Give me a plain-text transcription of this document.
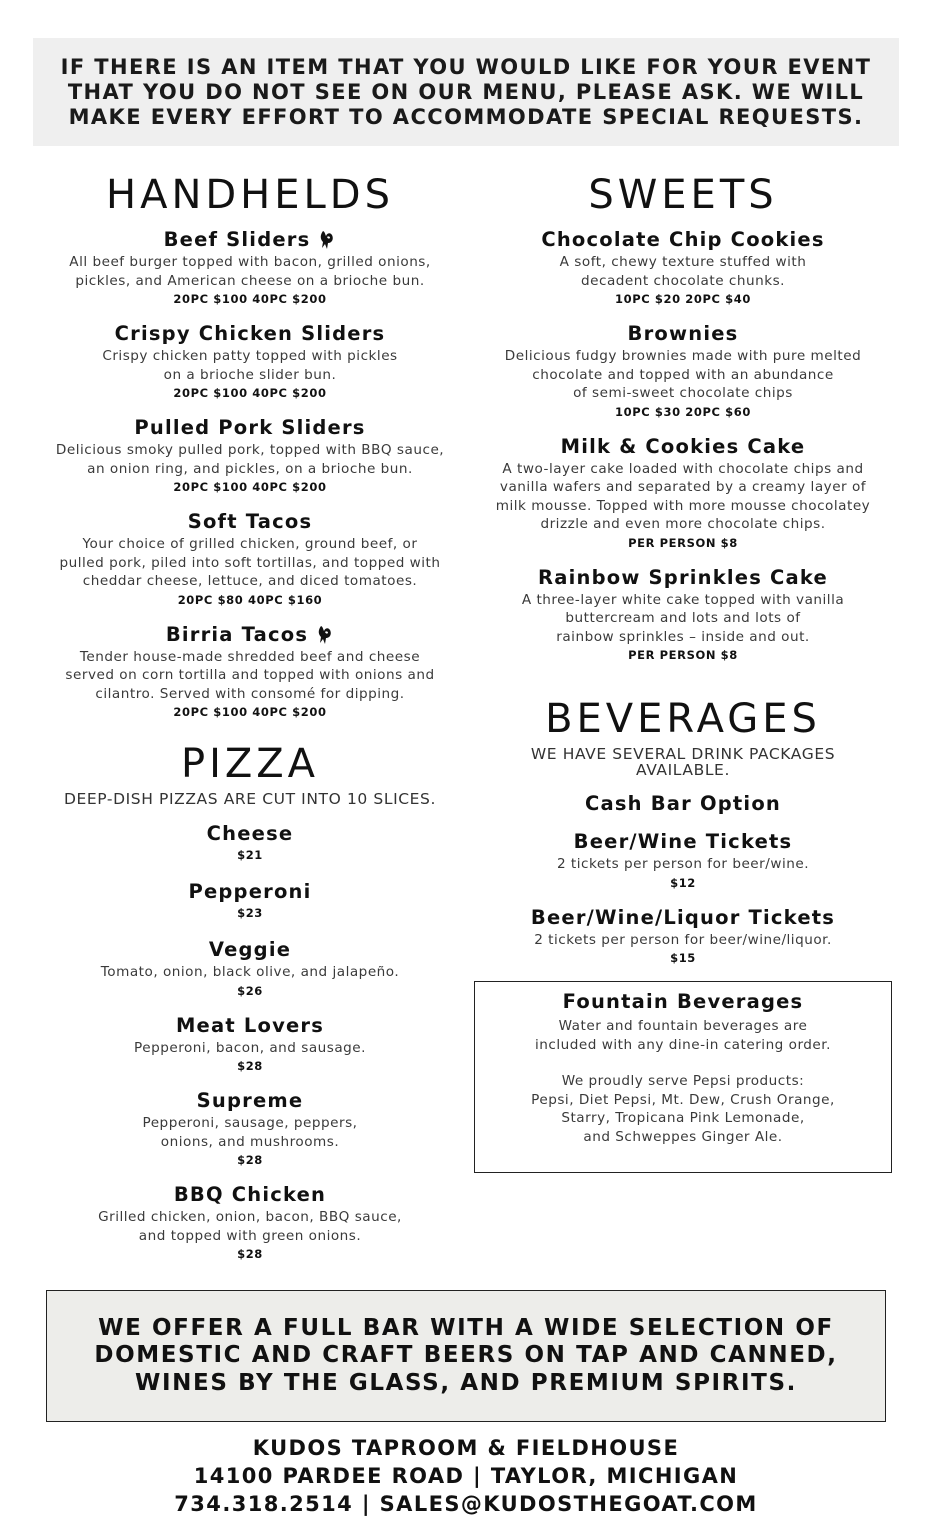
IF THERE IS AN ITEM THAT YOU WOULD LIKE FOR YOUR EVENT
THAT YOU DO NOT SEE ON OUR MENU, PLEASE ASK. WE WILL
MAKE EVERY EFFORT TO ACCOMMODATE SPECIAL REQUESTS.

HANDHELDS
Beef Sliders

All beef burger topped with bacon, grilled onions,
pickles, and American cheese on a brioche bun.

20PC $100 40PC $200

Crispy Chicken Sliders

Crispy chicken patty topped with pickles
on a brioche slider bun.

20PC $100 40PC $200

Pulled Pork Sliders

Delicious smoky pulled pork, topped with BBQ sauce,
an onion ring, and pickles, on a brioche bun.

20PC $100 40PC $200

Soft Tacos

Your choice of grilled chicken, ground beef, or
pulled pork, piled into soft tortillas, and topped with
cheddar cheese, lettuce, and diced tomatoes.

20PC $80 40PC $160

Birria Tacos

Tender house-made shredded beef and cheese
served on corn tortilla and topped with onions and
cilantro. Served with consomé for dipping.

20PC $100 40PC $200

PIZZA

DEEP-DISH PIZZAS ARE CUT INTO 10 SLICES.

Cheese

$21

Pepperoni

$23

Veggie

Tomato, onion, black olive, and jalapeño.

$26

Meat Lovers

Pepperoni, bacon, and sausage.

$28

Supreme

Pepperoni, sausage, peppers,
onions, and mushrooms.

$28

BBQ Chicken

Grilled chicken, onion, bacon, BBQ sauce,
and topped with green onions.

$28

SWEETS
Chocolate Chip Cookies

A soft, chewy texture stuffed with
decadent chocolate chunks.

10PC $20 20PC $40

Brownies

Delicious fudgy brownies made with pure melted
chocolate and topped with an abundance
of semi-sweet chocolate chips

10PC $30 20PC $60

Milk & Cookies Cake

A two-layer cake loaded with chocolate chips and
vanilla wafers and separated by a creamy layer of
milk mousse. Topped with more mousse chocolatey
drizzle and even more chocolate chips.

PER PERSON $8

Rainbow Sprinkles Cake

A three-layer white cake topped with vanilla
buttercream and lots and lots of
rainbow sprinkles – inside and out.

PER PERSON $8

BEVERAGES

WE HAVE SEVERAL DRINK PACKAGES
AVAILABLE.

Cash Bar Option
Beer/Wine Tickets

2 tickets per person for beer/wine.

$12

Beer/Wine/Liquor Tickets

2 tickets per person for beer/wine/liquor.

$15

Fountain Beverages

Water and fountain beverages are
included with any dine-in catering order.

We proudly serve Pepsi products:
Pepsi, Diet Pepsi, Mt. Dew, Crush Orange,
Starry, Tropicana Pink Lemonade,
and Schweppes Ginger Ale.

WE OFFER A FULL BAR WITH A WIDE SELECTION OF
DOMESTIC AND CRAFT BEERS ON TAP AND CANNED,
WINES BY THE GLASS, AND PREMIUM SPIRITS.

KUDOS TAPROOM & FIELDHOUSE
14100 PARDEE ROAD | TAYLOR, MICHIGAN
734.318.2514 | SALES@KUDOSTHEGOAT.COM
